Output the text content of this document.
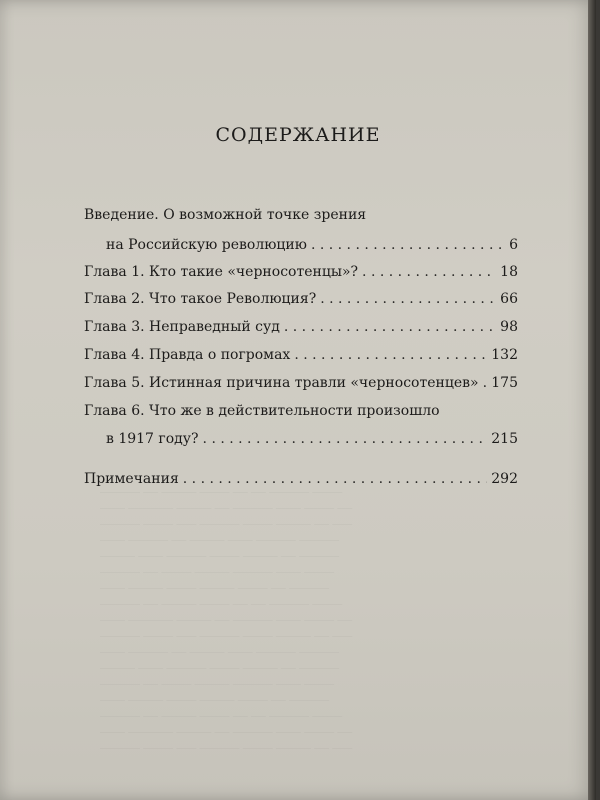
________ ___ _______ ______ ___ ___ ________ ______
_____ _________ _______ ___ ________ _____ ______ ___
________ ______ ____ ________ ______ _______ ___ ____
_____ ________ ___ _______ _____ ________ ________
_______ _____ ________ ______ _______ ___ ________
________ ___ ______ _______ ________ _____ ______
_____ _______ ______ _______ ______ ___ ________
________ ___ _______ ______ ___ ___ ________ ______
_____ _________ _______ ___ ________ _____ ______ ___
________ ______ ____ ________ ______ _______ ___ ____
_____ ________ ___ _______ _____ ________ ________
_______ _____ ________ ______ _______ ___ ________
________ ___ ______ _______ ________ _____ ______
_____ _______ ______ _______ ______ ___ ________
________ ___ _______ ______ ___ ___ ________ ______
_____ _________ _______ ___ ________ _____ ______ ___
________ ______ ____ ________ ______ _______ ___ ____
СОДЕРЖАНИЕ
Введение. О возможной точке зрения
на Российскую революцию . . .	6
Глава 1. Кто такие «черносотенцы»? . . .	18
Глава 2. Что такое Революция? . . .	66
Глава 3. Неправедный суд . . .	98
Глава 4. Правда о погромах . . .	132
Глава 5. Истинная причина травли «черносотенцев» . . . 175
Глава 6. Что же в действительности произошло
в 1917 году? . . .	215
Примечания . . .	292
